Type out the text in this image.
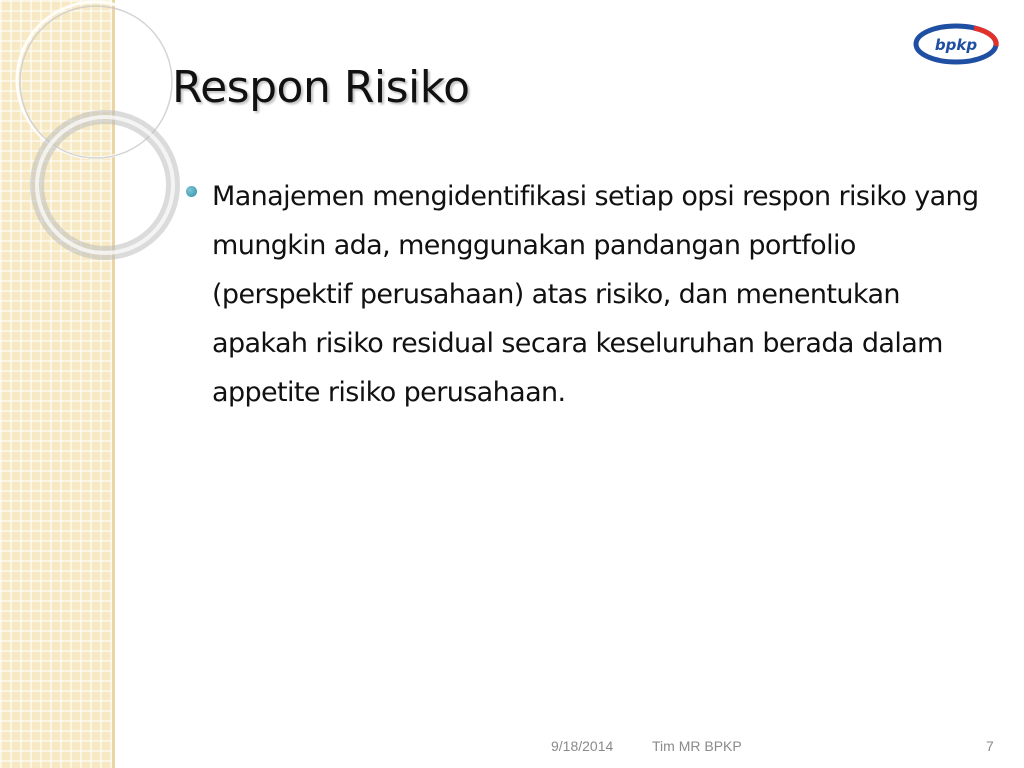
bpkp
Respon Risiko

Manajemen mengidentifikasi setiap opsi respon risiko yang mungkin ada, menggunakan pandangan portfolio (perspektif perusahaan) atas risiko, dan menentukan apakah risiko residual secara keseluruhan berada dalam appetite risiko perusahaan.

9/18/2014	Tim MR BPKP	7
